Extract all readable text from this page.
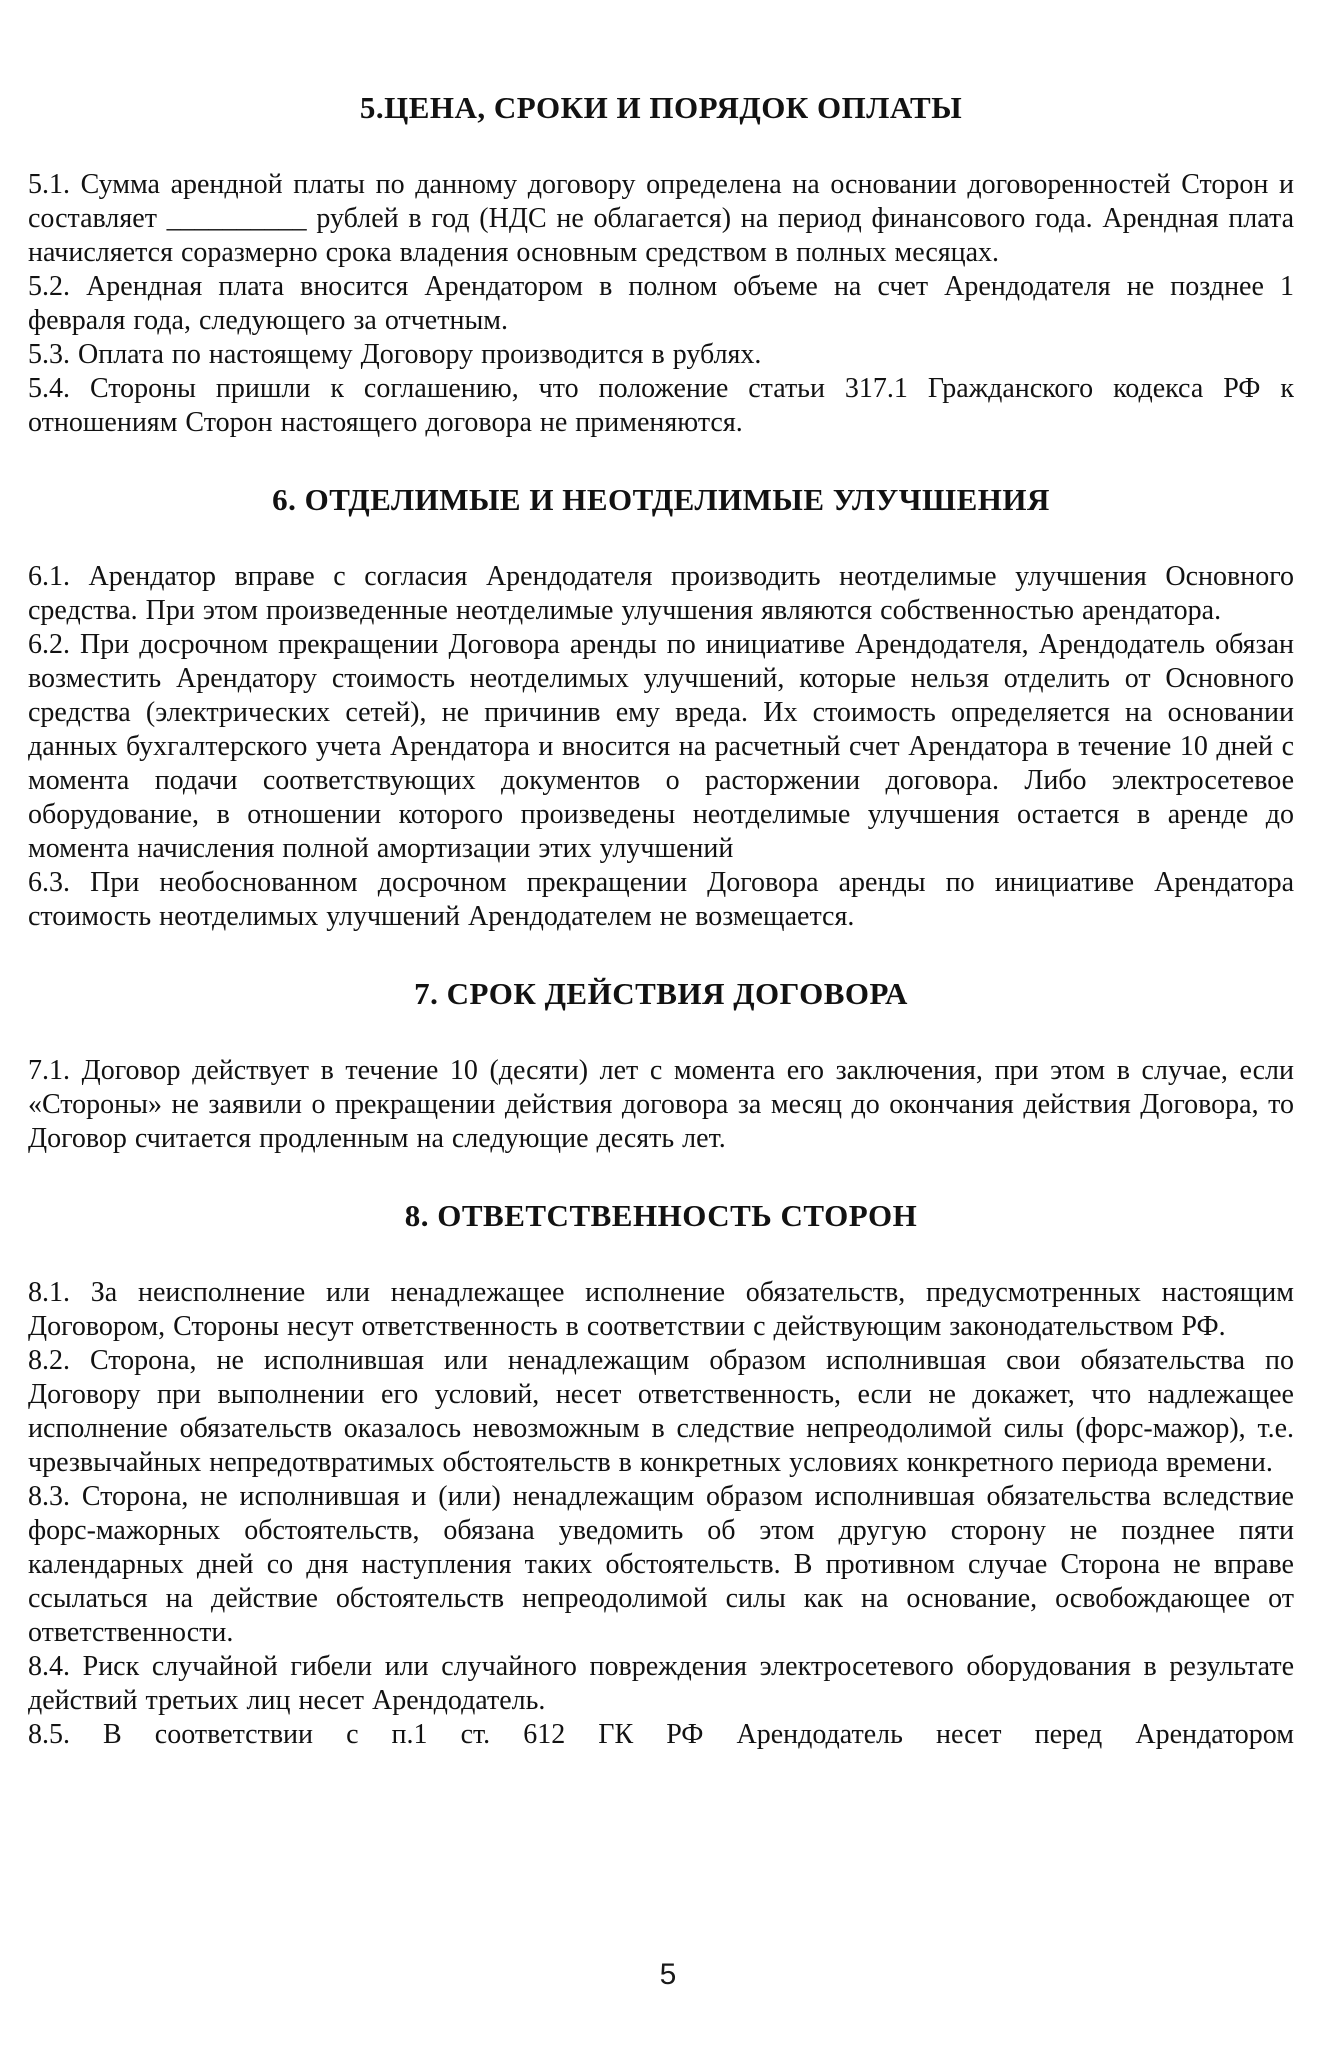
5.ЦЕНА, СРОКИ И ПОРЯДОК ОПЛАТЫ

5.1. Сумма арендной платы по данному договору определена на основании договоренностей Сторон и составляет __________ рублей в год (НДС не облагается) на период финансового года. Арендная плата начисляется соразмерно срока владения основным средством в полных месяцах.

5.2. Арендная плата вносится Арендатором в полном объеме на счет Арендодателя не позднее 1 февраля года, следующего за отчетным.

5.3. Оплата по настоящему Договору производится в рублях.

5.4. Стороны пришли к соглашению, что положение статьи 317.1 Гражданского кодекса РФ к отношениям Сторон настоящего договора не применяются.

6. ОТДЕЛИМЫЕ И НЕОТДЕЛИМЫЕ УЛУЧШЕНИЯ

6.1. Арендатор вправе с согласия Арендодателя производить неотделимые улучшения Основного средства. При этом произведенные неотделимые улучшения являются собственностью арендатора.

6.2. При досрочном прекращении Договора аренды по инициативе Арендодателя, Арендодатель обязан возместить Арендатору стоимость неотделимых улучшений, которые нельзя отделить от Основного средства (электрических сетей), не причинив ему вреда. Их стоимость определяется на основании данных бухгалтерского учета Арендатора и вносится на расчетный счет Арендатора в течение 10 дней с момента подачи соответствующих документов о расторжении договора. Либо электросетевое оборудование, в отношении которого произведены неотделимые улучшения остается в аренде до момента начисления полной амортизации этих улучшений

6.3. При необоснованном досрочном прекращении Договора аренды по инициативе Арендатора стоимость неотделимых улучшений Арендодателем не возмещается.

7. СРОК ДЕЙСТВИЯ ДОГОВОРА

7.1. Договор действует в течение 10 (десяти) лет с момента его заключения, при этом в случае, если «Стороны» не заявили о прекращении действия договора за месяц до окончания действия Договора, то Договор считается продленным на следующие десять лет.

8. ОТВЕТСТВЕННОСТЬ СТОРОН

8.1. За неисполнение или ненадлежащее исполнение обязательств, предусмотренных настоящим Договором, Стороны несут ответственность в соответствии с действующим законодательством РФ.

8.2. Сторона, не исполнившая или ненадлежащим образом исполнившая свои обязательства по Договору при выполнении его условий, несет ответственность, если не докажет, что надлежащее исполнение обязательств оказалось невозможным в следствие непреодолимой силы (форс-мажор), т.е. чрезвычайных непредотвратимых обстоятельств в конкретных условиях конкретного периода времени.

8.3. Сторона, не исполнившая и (или) ненадлежащим образом исполнившая обязательства вследствие форс-мажорных обстоятельств, обязана уведомить об этом другую сторону не позднее пяти календарных дней со дня наступления таких обстоятельств. В противном случае Сторона не вправе ссылаться на действие обстоятельств непреодолимой силы как на основание, освобождающее от ответственности.

8.4. Риск случайной гибели или случайного повреждения электросетевого оборудования в результате действий третьих лиц несет Арендодатель.

8.5. В соответствии с п.1 ст. 612 ГК РФ Арендодатель несет перед Арендатором

5
